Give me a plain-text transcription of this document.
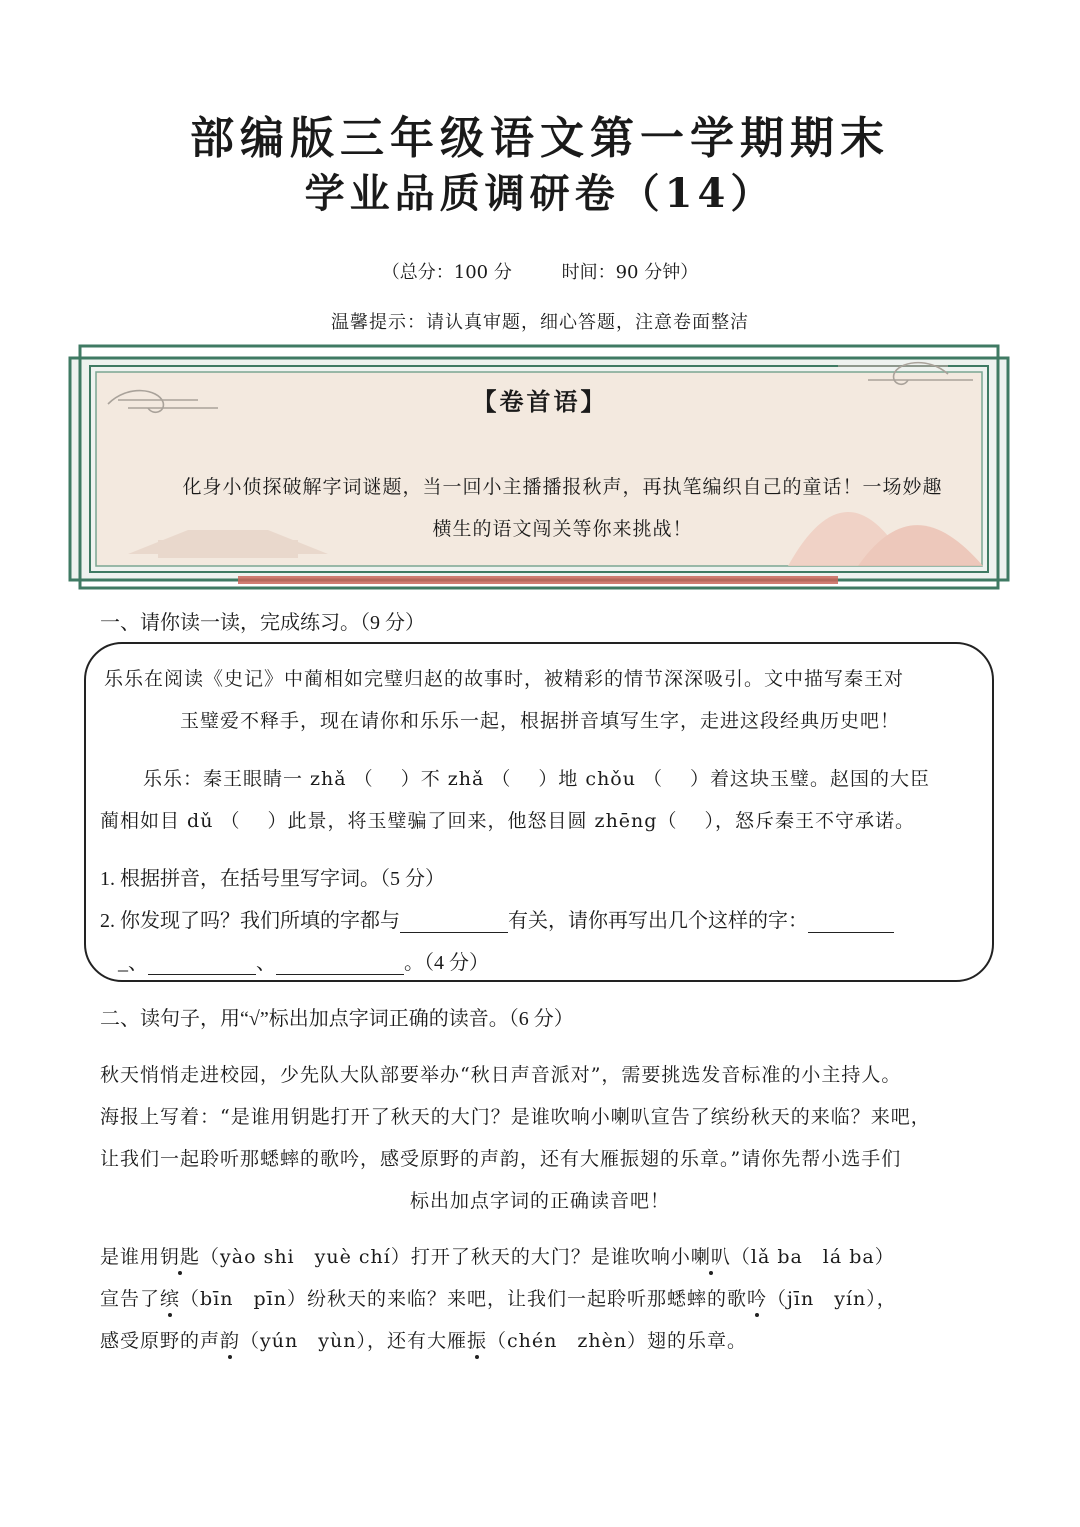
部编版三年级语文第一学期期末
学业品质调研卷（14）
（总分：100 分	时间：90 分钟）
温馨提示：请认真审题，细心答题，注意卷面整洁
【卷首语】
化身小侦探破解字词谜题，当一回小主播播报秋声，再执笔编织自己的童话！一场妙趣
横生的语文闯关等你来挑战！
一、请你读一读，完成练习。（9 分）
乐乐在阅读《史记》中蔺相如完璧归赵的故事时，被精彩的情节深深吸引。文中描写秦王对
玉璧爱不释手，现在请你和乐乐一起，根据拼音填写生字，走进这段经典历史吧！
乐乐：秦王眼睛一 zhǎ （　 ）不 zhǎ （　 ）地 chǒu （　 ）着这块玉璧。赵国的大臣
蔺相如目 dǔ （　 ）此景，将玉璧骗了回来，他怒目圆 zhēng（　 ），怒斥秦王不守承诺。
1. 根据拼音，在括号里写字词。（5 分）
2. 你发现了吗？我们所填的字都与	有关，请你再写出几个这样的字：
_、	、	。（4 分）
二、读句子，用“√”标出加点字词正确的读音。（6 分）
秋天悄悄走进校园，少先队大队部要举办“秋日声音派对”，需要挑选发音标准的小主持人。
海报上写着：“是谁用钥匙打开了秋天的大门？是谁吹响小喇叭宣告了缤纷秋天的来临？来吧，
让我们一起聆听那蟋蟀的歌吟，感受原野的声韵，还有大雁振翅的乐章。”请你先帮小选手们
标出加点字词的正确读音吧！
是谁用钥匙（yào shi　yuè chí）打开了秋天的大门？是谁吹响小喇叭（lǎ ba　lá ba）
宣告了缤（bīn　pīn）纷秋天的来临？来吧，让我们一起聆听那蟋蟀的歌吟（jīn　yín），
感受原野的声韵（yún　yùn），还有大雁振（chén　zhèn）翅的乐章。
